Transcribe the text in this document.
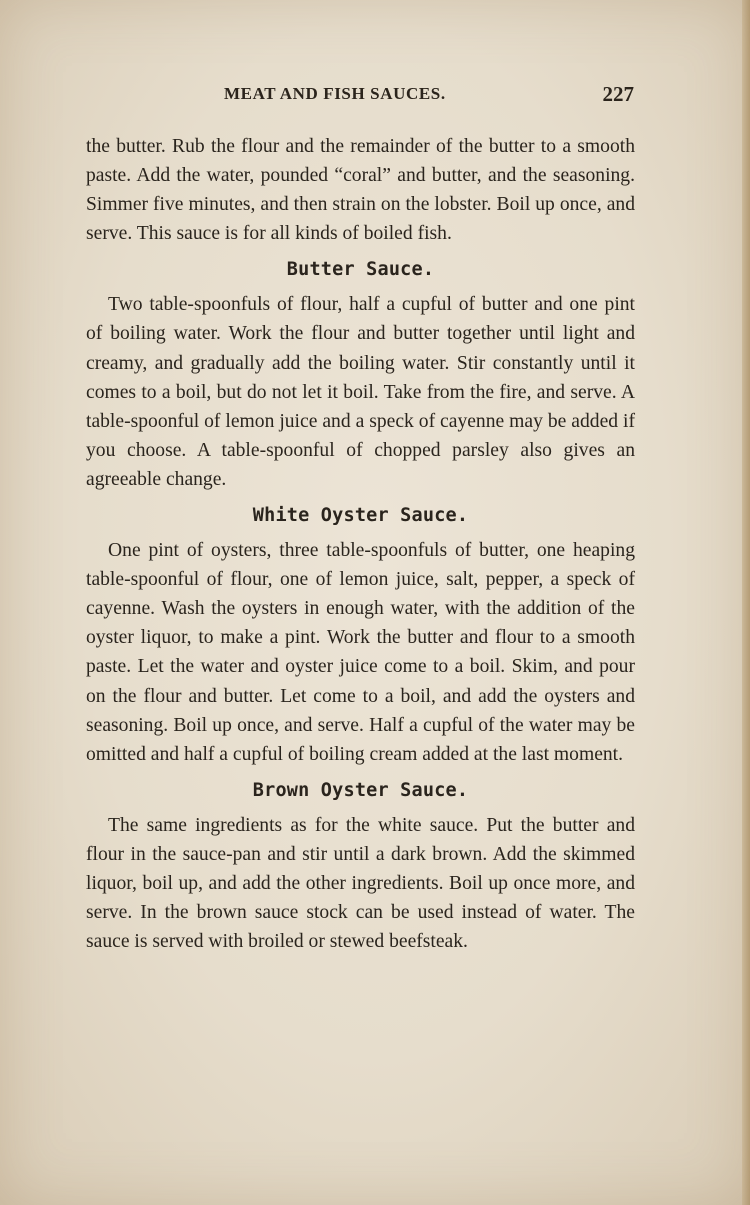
MEAT AND FISH SAUCES.	227

the butter. Rub the flour and the remainder of the butter to a smooth paste. Add the water, pounded “coral” and butter, and the seasoning. Simmer five minutes, and then strain on the lobster. Boil up once, and serve. This sauce is for all kinds of boiled fish.

Butter Sauce.

Two table-spoonfuls of flour, half a cupful of butter and one pint of boiling water. Work the flour and butter together until light and creamy, and gradually add the boiling water. Stir constantly until it comes to a boil, but do not let it boil. Take from the fire, and serve. A table-spoonful of lemon juice and a speck of cayenne may be added if you choose. A table-spoonful of chopped parsley also gives an agreeable change.

White Oyster Sauce.

One pint of oysters, three table-spoonfuls of butter, one heaping table-spoonful of flour, one of lemon juice, salt, pepper, a speck of cayenne. Wash the oysters in enough water, with the addition of the oyster liquor, to make a pint. Work the butter and flour to a smooth paste. Let the water and oyster juice come to a boil. Skim, and pour on the flour and butter. Let come to a boil, and add the oysters and seasoning. Boil up once, and serve. Half a cupful of the water may be omitted and half a cupful of boiling cream added at the last moment.

Brown Oyster Sauce.

The same ingredients as for the white sauce. Put the butter and flour in the sauce-pan and stir until a dark brown. Add the skimmed liquor, boil up, and add the other ingredients. Boil up once more, and serve. In the brown sauce stock can be used instead of water. The sauce is served with broiled or stewed beefsteak.
